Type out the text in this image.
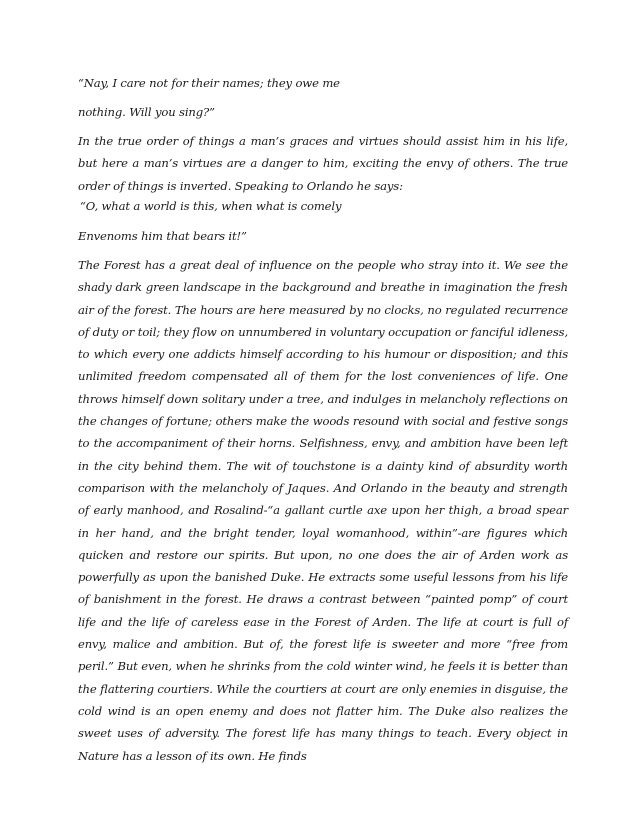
“Nay, I care not for their names; they owe me

nothing. Will you sing?”

In the true order of things a man’s graces and virtues should assist him in his life, but here a man’s virtues are a danger to him, exciting the envy of others. The true order of things is inverted. Speaking to Orlando he says:

“O, what a world is this, when what is comely

Envenoms him that bears it!”

The Forest has a great deal of influence on the people who stray into it. We see the shady dark green landscape in the background and breathe in imagination the fresh air of the forest. The hours are here measured by no clocks, no regulated recurrence of duty or toil; they flow on unnumbered in voluntary occupation or fanciful idleness, to which every one addicts himself according to his humour or disposition; and this unlimited freedom compensated all of them for the lost conveniences of life. One throws himself down solitary under a tree, and indulges in melancholy reflections on the changes of fortune; others make the woods resound with social and festive songs to the accompaniment of their horns. Selfishness, envy, and ambition have been left in the city behind them. The wit of touchstone is a dainty kind of absurdity worth comparison with the melancholy of Jaques. And Orlando in the beauty and strength of early manhood, and Rosalind-“a gallant curtle axe upon her thigh, a broad spear in her hand, and the bright tender, loyal womanhood, within”-are figures which quicken and restore our spirits. But upon, no one does the air of Arden work as powerfully as upon the banished Duke. He extracts some useful lessons from his life of banishment in the forest. He draws a contrast between “painted pomp” of court life and the life of careless ease in the Forest of Arden. The life at court is full of envy, malice and ambition. But of, the forest life is sweeter and more “free from peril.” But even, when he shrinks from the cold winter wind, he feels it is better than the flattering courtiers. While the courtiers at court are only enemies in disguise, the cold wind is an open enemy and does not flatter him. The Duke also realizes the sweet uses of adversity. The forest life has many things to teach. Every object in Nature has a lesson of its own. He finds
